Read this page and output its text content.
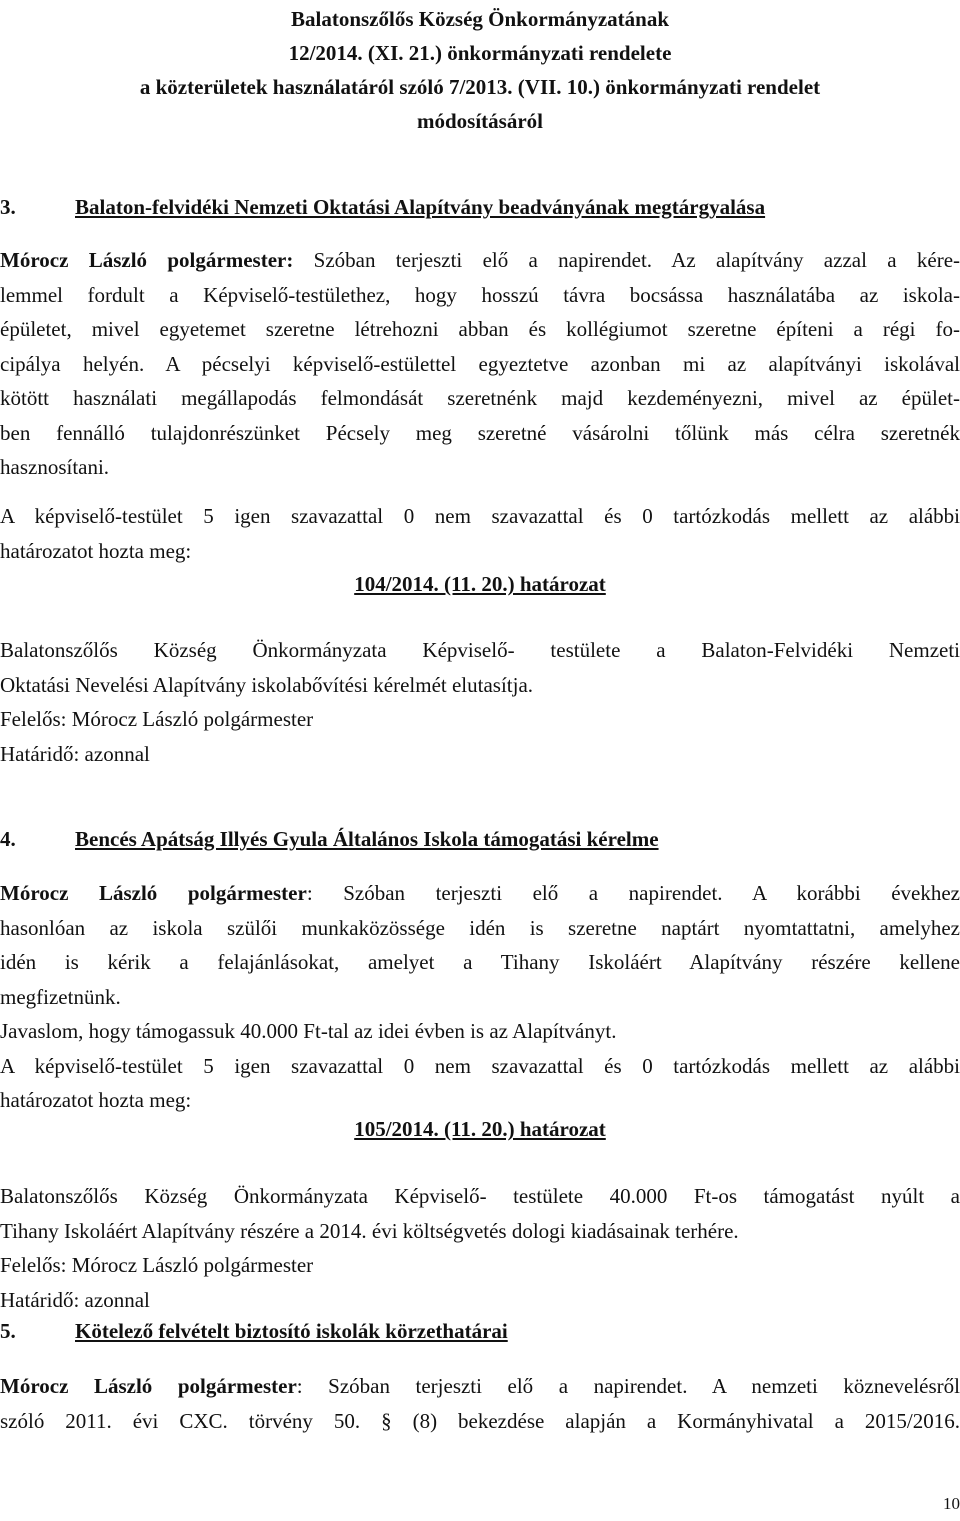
Balatonszőlős Község Önkormányzatának
12/2014. (XI. 21.) önkormányzati rendelete
a közterületek használatáról szóló 7/2013. (VII. 10.) önkormányzati rendelet
módosításáról
3.	Balaton-felvidéki Nemzeti Oktatási Alapítvány beadványának megtárgyalása
Mórocz László polgármester: Szóban terjeszti elő a napirendet. Az alapítvány azzal a kére-
lemmel fordult a Képviselő-testülethez, hogy hosszú távra bocsássa használatába az iskola-
épületet, mivel egyetemet szeretne létrehozni abban és kollégiumot szeretne építeni a régi fo-
cipálya helyén. A pécselyi képviselő-estülettel egyeztetve azonban mi az alapítványi iskolával
kötött használati megállapodás felmondását szeretnénk majd kezdeményezni, mivel az épület-
ben fennálló tulajdonrészünket Pécsely meg szeretné vásárolni tőlünk más célra szeretnék
hasznosítani.
A képviselő-testület 5 igen szavazattal 0 nem szavazattal és 0 tartózkodás mellett az alábbi
határozatot hozta meg:
104/2014. (11. 20.) határozat
Balatonszőlős Község Önkormányzata Képviselő- testülete a Balaton-Felvidéki Nemzeti
Oktatási Nevelési Alapítvány iskolabővítési kérelmét elutasítja.
Felelős: Mórocz László polgármester
Határidő: azonnal
4.	Bencés Apátság Illyés Gyula Általános Iskola támogatási kérelme
Mórocz László polgármester: Szóban terjeszti elő a napirendet. A korábbi évekhez
hasonlóan az iskola szülői munkaközössége idén is szeretne naptárt nyomtattatni, amelyhez
idén is kérik a felajánlásokat, amelyet a Tihany Iskoláért Alapítvány részére kellene
megfizetnünk.
Javaslom, hogy támogassuk 40.000 Ft-tal az idei évben is az Alapítványt.
A képviselő-testület 5 igen szavazattal 0 nem szavazattal és 0 tartózkodás mellett az alábbi
határozatot hozta meg:
105/2014. (11. 20.) határozat
Balatonszőlős Község Önkormányzata Képviselő- testülete 40.000 Ft-os támogatást nyúlt a
Tihany Iskoláért Alapítvány részére a 2014. évi költségvetés dologi kiadásainak terhére.
Felelős: Mórocz László polgármester
Határidő: azonnal
5.	Kötelező felvételt biztosító iskolák körzethatárai
Mórocz László polgármester: Szóban terjeszti elő a napirendet. A nemzeti köznevelésről
szóló 2011. évi CXC. törvény 50. § (8) bekezdése alapján a Kormányhivatal a 2015/2016.
10
